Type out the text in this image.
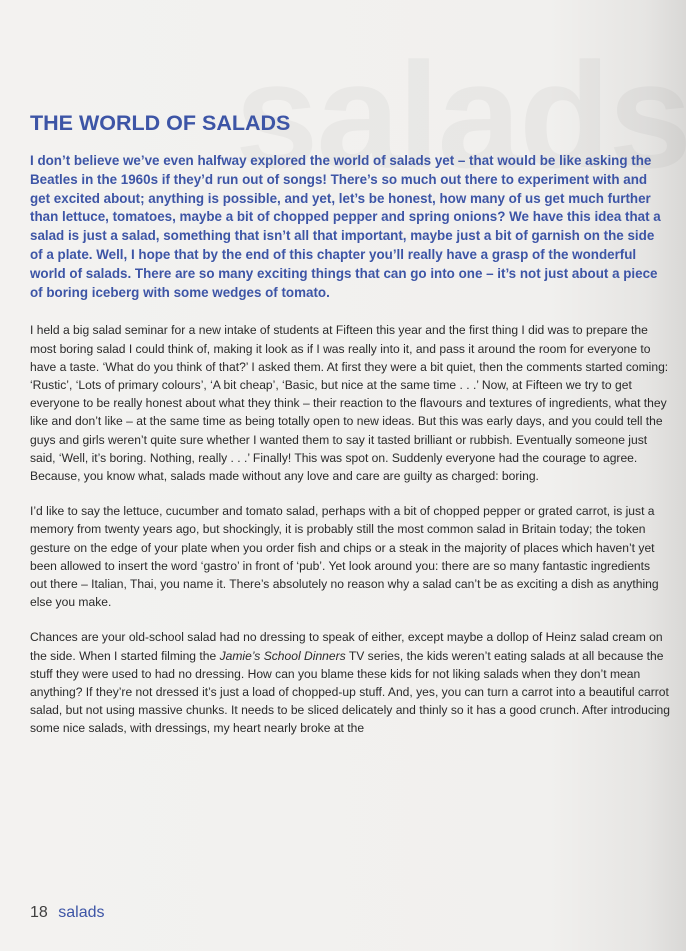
THE WORLD OF SALADS

I don’t believe we’ve even halfway explored the world of salads yet – that would be like asking the Beatles in the 1960s if they’d run out of songs! There’s so much out there to experiment with and get excited about; anything is possible, and yet, let’s be honest, how many of us get much further than lettuce, tomatoes, maybe a bit of chopped pepper and spring onions? We have this idea that a salad is just a salad, something that isn’t all that important, maybe just a bit of garnish on the side of a plate. Well, I hope that by the end of this chapter you’ll really have a grasp of the wonderful world of salads. There are so many exciting things that can go into one – it’s not just about a piece of boring iceberg with some wedges of tomato.

I held a big salad seminar for a new intake of students at Fifteen this year and the first thing I did was to prepare the most boring salad I could think of, making it look as if I was really into it, and pass it around the room for everyone to have a taste. ‘What do you think of that?’ I asked them. At first they were a bit quiet, then the comments started coming: ‘Rustic’, ‘Lots of primary colours’, ‘A bit cheap’, ‘Basic, but nice at the same time . . .’ Now, at Fifteen we try to get everyone to be really honest about what they think – their reaction to the flavours and textures of ingredients, what they like and don’t like – at the same time as being totally open to new ideas. But this was early days, and you could tell the guys and girls weren’t quite sure whether I wanted them to say it tasted brilliant or rubbish. Eventually someone just said, ‘Well, it’s boring. Nothing, really . . .’ Finally! This was spot on. Suddenly everyone had the courage to agree. Because, you know what, salads made without any love and care are guilty as charged: boring.

I’d like to say the lettuce, cucumber and tomato salad, perhaps with a bit of chopped pepper or grated carrot, is just a memory from twenty years ago, but shockingly, it is probably still the most common salad in Britain today; the token gesture on the edge of your plate when you order fish and chips or a steak in the majority of places which haven’t yet been allowed to insert the word ‘gastro’ in front of ‘pub’. Yet look around you: there are so many fantastic ingredients out there – Italian, Thai, you name it. There’s absolutely no reason why a salad can’t be as exciting a dish as anything else you make.

Chances are your old-school salad had no dressing to speak of either, except maybe a dollop of Heinz salad cream on the side. When I started filming the Jamie’s School Dinners TV series, the kids weren’t eating salads at all because the stuff they were used to had no dressing. How can you blame these kids for not liking salads when they don’t mean anything? If they’re not dressed it’s just a load of chopped-up stuff. And, yes, you can turn a carrot into a beautiful carrot salad, but not using massive chunks. It needs to be sliced delicately and thinly so it has a good crunch. After introducing some nice salads, with dressings, my heart nearly broke at the

18 salads
